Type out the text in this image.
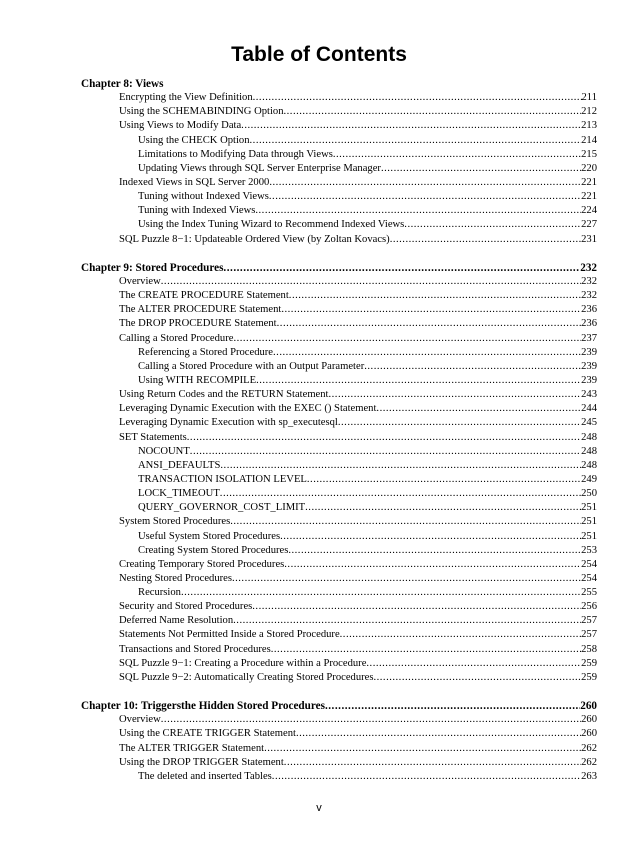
Table of Contents
Chapter 8: Views
Encrypting the View Definition .....	211
Using the SCHEMABINDING Option .....	212
Using Views to Modify Data .....	213
Using the CHECK Option .....	214
Limitations to Modifying Data through Views .....	215
Updating Views through SQL Server Enterprise Manager .....	220
Indexed Views in SQL Server 2000 .....	221
Tuning without Indexed Views .....	221
Tuning with Indexed Views .....	224
Using the Index Tuning Wizard to Recommend Indexed Views .....	227
SQL Puzzle 8−1: Updateable Ordered View (by Zoltan Kovacs) .....	231
Chapter 9: Stored Procedures .....	232
Overview .....	232
The CREATE PROCEDURE Statement .....	232
The ALTER PROCEDURE Statement .....	236
The DROP PROCEDURE Statement .....	236
Calling a Stored Procedure .....	237
Referencing a Stored Procedure .....	239
Calling a Stored Procedure with an Output Parameter .....	239
Using WITH RECOMPILE .....	239
Using Return Codes and the RETURN Statement .....	243
Leveraging Dynamic Execution with the EXEC () Statement .....	244
Leveraging Dynamic Execution with sp_executesql .....	245
SET Statements .....	248
NOCOUNT .....	248
ANSI_DEFAULTS .....	248
TRANSACTION ISOLATION LEVEL .....	249
LOCK_TIMEOUT .....	250
QUERY_GOVERNOR_COST_LIMIT .....	251
System Stored Procedures .....	251
Useful System Stored Procedures .....	251
Creating System Stored Procedures .....	253
Creating Temporary Stored Procedures .....	254
Nesting Stored Procedures .....	254
Recursion .....	255
Security and Stored Procedures .....	256
Deferred Name Resolution .....	257
Statements Not Permitted Inside a Stored Procedure .....	257
Transactions and Stored Procedures .....	258
SQL Puzzle 9−1: Creating a Procedure within a Procedure .....	259
SQL Puzzle 9−2: Automatically Creating Stored Procedures .....	259
Chapter 10: Triggersthe Hidden Stored Procedures .....	260
Overview .....	260
Using the CREATE TRIGGER Statement .....	260
The ALTER TRIGGER Statement .....	262
Using the DROP TRIGGER Statement .....	262
The deleted and inserted Tables .....	263
v
